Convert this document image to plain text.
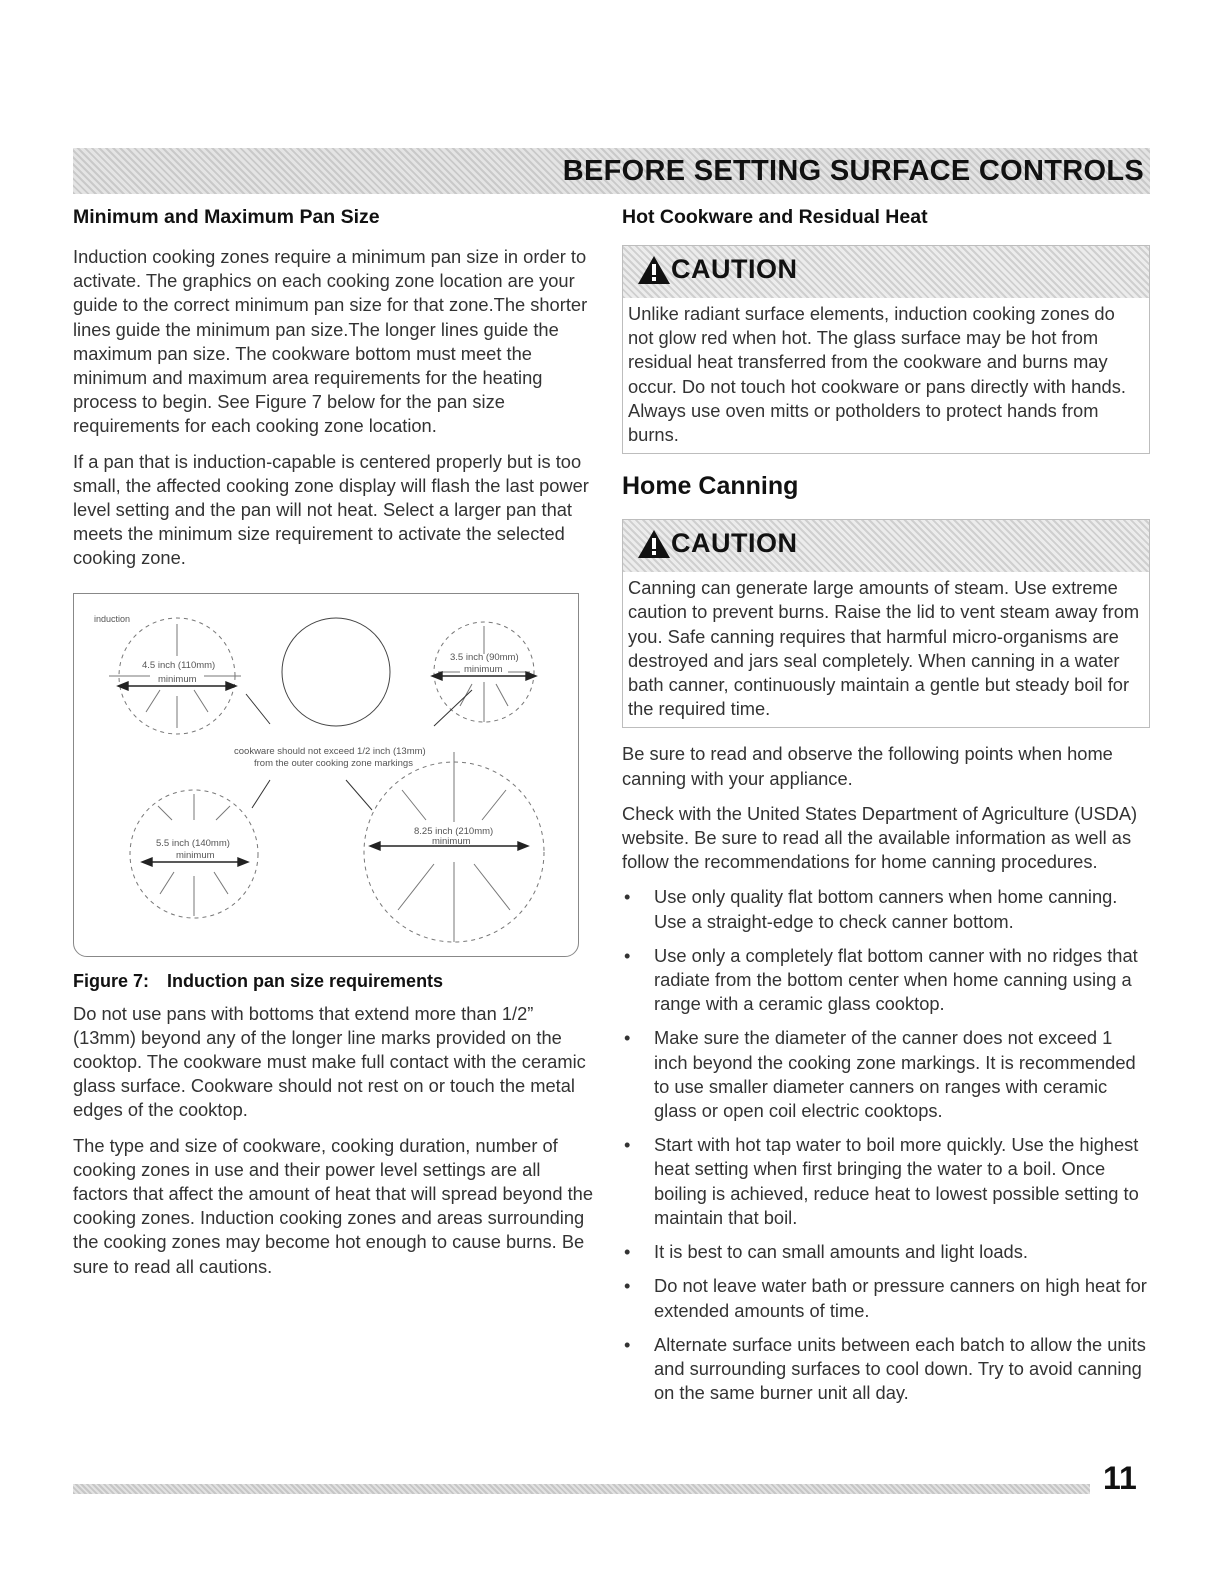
BEFORE SETTING SURFACE CONTROLS
Minimum and Maximum Pan Size

Induction cooking zones require a minimum pan size in order to activate. The graphics on each cooking zone location are your guide to the correct minimum pan size for that zone.The shorter lines guide the minimum pan size.The longer lines guide the maximum pan size. The cookware bottom must meet the minimum and maximum area requirements for the heating process to begin. See Figure 7 below for the pan size requirements for each cooking zone location.

If a pan that is induction-capable is centered properly but is too small, the affected cooking zone display will flash the last power level setting and the pan will not heat. Select a larger pan that meets the minimum size requirement to activate the selected cooking zone.

induction
4.5 inch (110mm)
minimum
3.5 inch (90mm)
minimum
cookware should not exceed 1/2 inch (13mm)
from the outer cooking zone markings
5.5 inch (140mm)
minimum
8.25 inch (210mm)
minimum
Figure 7: Induction pan size requirements

Do not use pans with bottoms that extend more than 1/2” (13mm) beyond any of the longer line marks provided on the cooktop. The cookware must make full contact with the ceramic glass surface. Cookware should not rest on or touch the metal edges of the cooktop.

The type and size of cookware, cooking duration, number of cooking zones in use and their power level settings are all factors that affect the amount of heat that will spread beyond the cooking zones. Induction cooking zones and areas surrounding the cooking zones may become hot enough to cause burns. Be sure to read all cautions.

Hot Cookware and Residual Heat
CAUTION
Unlike radiant surface elements, induction cooking zones do not glow red when hot. The glass surface may be hot from residual heat transferred from the cookware and burns may occur. Do not touch hot cookware or pans directly with hands. Always use oven mitts or potholders to protect hands from burns.
Home Canning
CAUTION
Canning can generate large amounts of steam. Use extreme caution to prevent burns. Raise the lid to vent steam away from you. Safe canning requires that harmful micro-organisms are destroyed and jars seal completely. When canning in a water bath canner, continuously maintain a gentle but steady boil for the required time.

Be sure to read and observe the following points when home canning with your appliance.

Check with the United States Department of Agriculture (USDA) website. Be sure to read all the available information as well as follow the recommendations for home canning procedures.

• Use only quality flat bottom canners when home canning. Use a straight-edge to check canner bottom.
• Use only a completely flat bottom canner with no ridges that radiate from the bottom center when home canning using a range with a ceramic glass cooktop.
• Make sure the diameter of the canner does not exceed 1 inch beyond the cooking zone markings. It is recommended to use smaller diameter canners on ranges with ceramic glass or open coil electric cooktops.
• Start with hot tap water to boil more quickly. Use the highest heat setting when first bringing the water to a boil. Once boiling is achieved, reduce heat to lowest possible setting to maintain that boil.
• It is best to can small amounts and light loads.
• Do not leave water bath or pressure canners on high heat for extended amounts of time.
• Alternate surface units between each batch to allow the units and surrounding surfaces to cool down. Try to avoid canning on the same burner unit all day.
11
